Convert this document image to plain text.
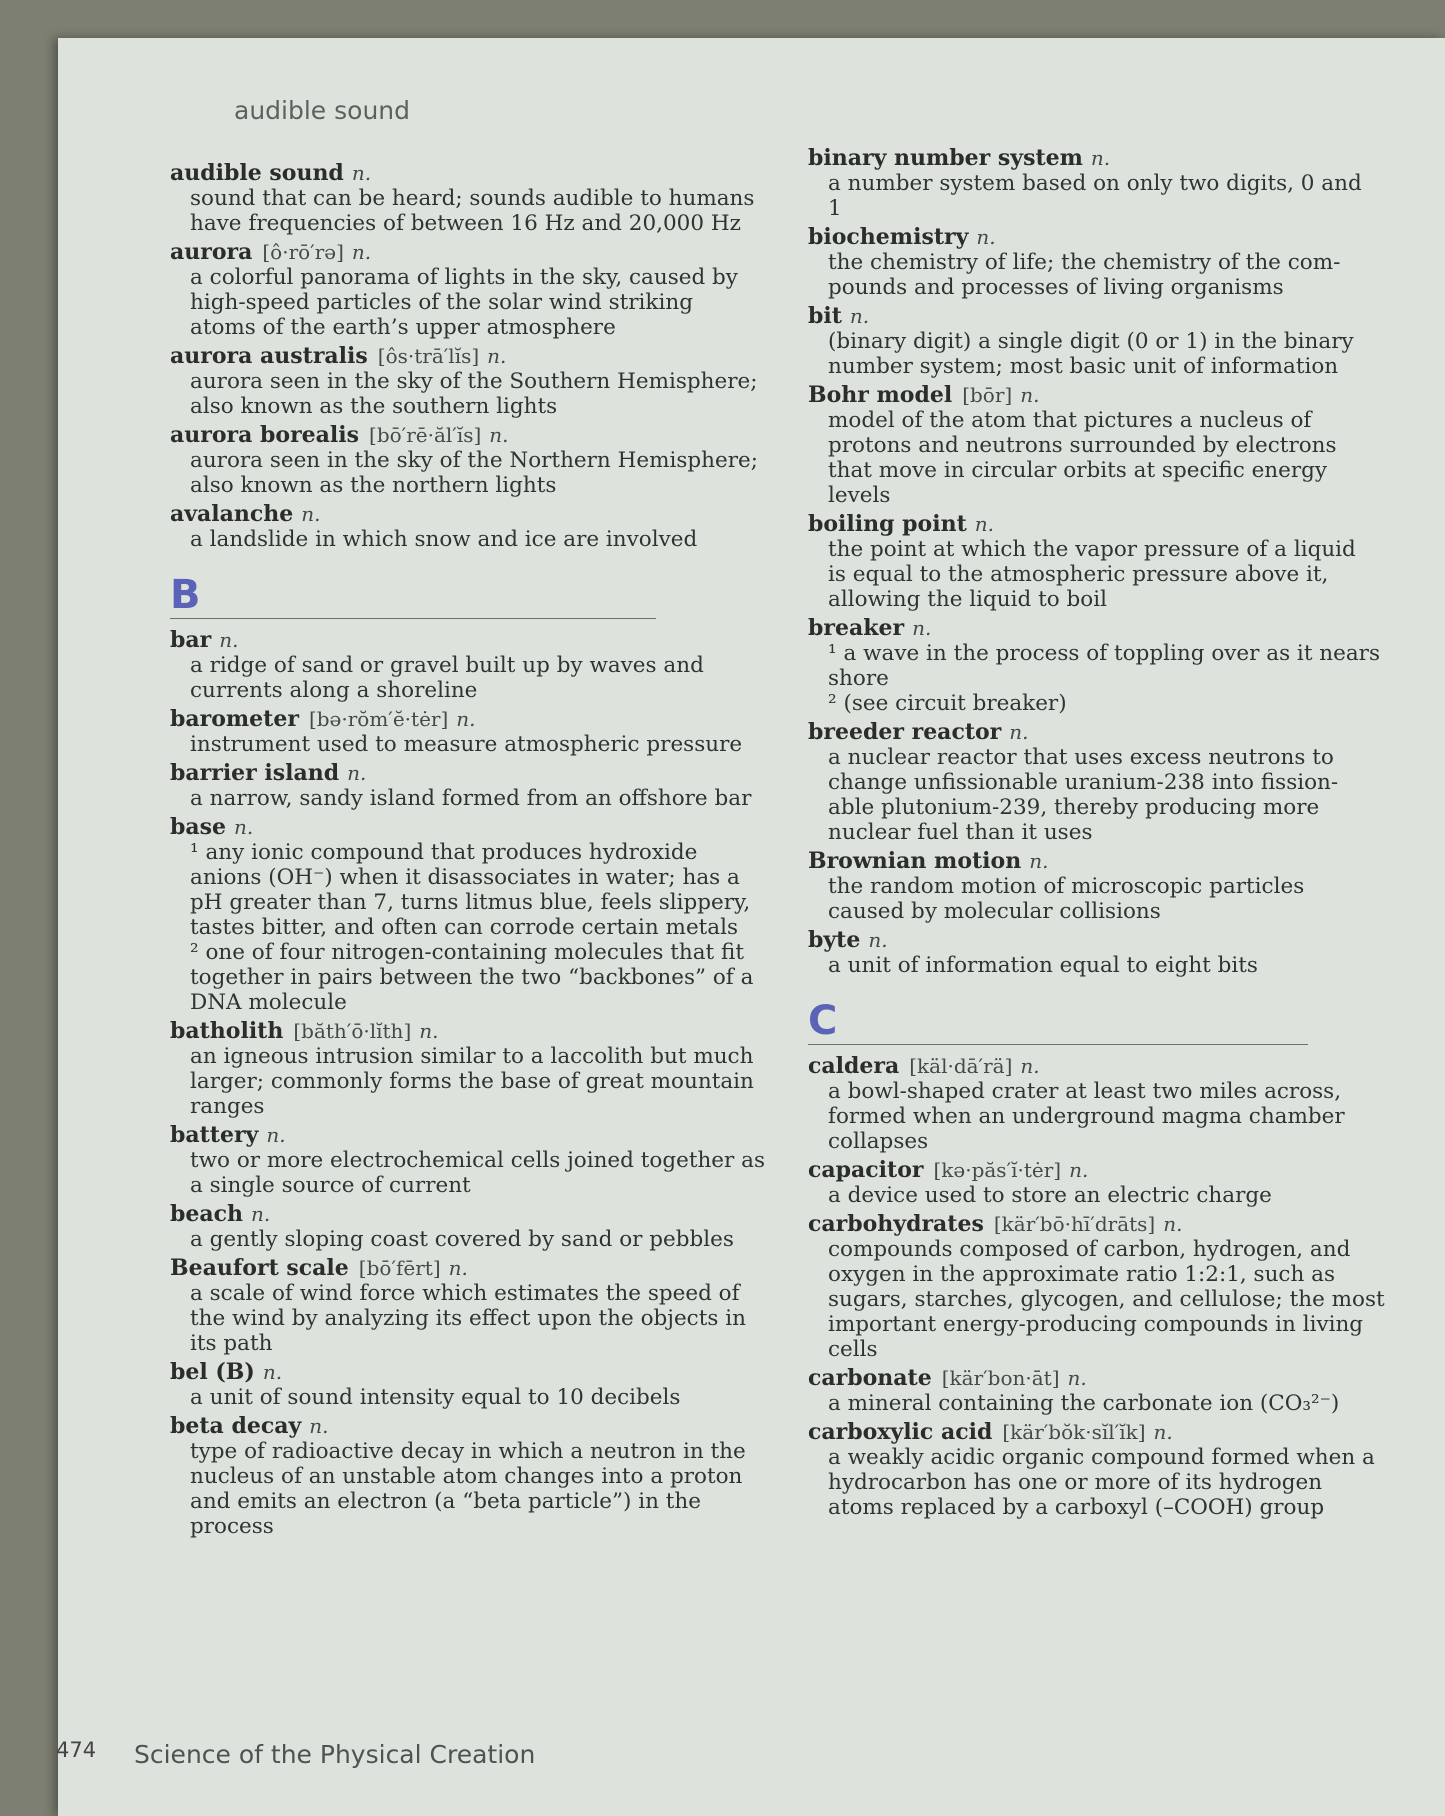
audible sound
audible sound n.
sound that can be heard; sounds audible to humans
have frequencies of between 16 Hz and 20,000 Hz
aurora [ô·rō′rə] n.
a colorful panorama of lights in the sky, caused by
high-speed particles of the solar wind striking
atoms of the earth’s upper atmosphere
aurora australis [ôs·trā′lĭs] n.
aurora seen in the sky of the Southern Hemisphere;
also known as the southern lights
aurora borealis [bō′rē·ăl′ĭs] n.
aurora seen in the sky of the Northern Hemisphere;
also known as the northern lights
avalanche n.
a landslide in which snow and ice are involved
B
bar n.
a ridge of sand or gravel built up by waves and
currents along a shoreline
barometer [bə·rŏm′ĕ·tėr] n.
instrument used to measure atmospheric pressure
barrier island n.
a narrow, sandy island formed from an offshore bar
base n.
¹ any ionic compound that produces hydroxide
anions (OH⁻) when it disassociates in water; has a
pH greater than 7, turns litmus blue, feels slippery,
tastes bitter, and often can corrode certain metals
² one of four nitrogen-containing molecules that fit
together in pairs between the two “backbones” of a
DNA molecule
batholith [băth′ō·lĭth] n.
an igneous intrusion similar to a laccolith but much
larger; commonly forms the base of great mountain
ranges
battery n.
two or more electrochemical cells joined together as
a single source of current
beach n.
a gently sloping coast covered by sand or pebbles
Beaufort scale [bō′fērt] n.
a scale of wind force which estimates the speed of
the wind by analyzing its effect upon the objects in
its path
bel (B) n.
a unit of sound intensity equal to 10 decibels
beta decay n.
type of radioactive decay in which a neutron in the
nucleus of an unstable atom changes into a proton
and emits an electron (a “beta particle”) in the
process
binary number system n.
a number system based on only two digits, 0 and
1
biochemistry n.
the chemistry of life; the chemistry of the com-
pounds and processes of living organisms
bit n.
(binary digit) a single digit (0 or 1) in the binary
number system; most basic unit of information
Bohr model [bōr] n.
model of the atom that pictures a nucleus of
protons and neutrons surrounded by electrons
that move in circular orbits at specific energy
levels
boiling point n.
the point at which the vapor pressure of a liquid
is equal to the atmospheric pressure above it,
allowing the liquid to boil
breaker n.
¹ a wave in the process of toppling over as it nears
shore
² (see circuit breaker)
breeder reactor n.
a nuclear reactor that uses excess neutrons to
change unfissionable uranium-238 into fission-
able plutonium-239, thereby producing more
nuclear fuel than it uses
Brownian motion n.
the random motion of microscopic particles
caused by molecular collisions
byte n.
a unit of information equal to eight bits
C
caldera [käl·dā′rä] n.
a bowl-shaped crater at least two miles across,
formed when an underground magma chamber
collapses
capacitor [kə·păs′ĭ·tėr] n.
a device used to store an electric charge
carbohydrates [kär′bō·hī′drāts] n.
compounds composed of carbon, hydrogen, and
oxygen in the approximate ratio 1:2:1, such as
sugars, starches, glycogen, and cellulose; the most
important energy-producing compounds in living
cells
carbonate [kär′bon·āt] n.
a mineral containing the carbonate ion (CO₃²⁻)
carboxylic acid [kär′bŏk·sĭl′ĭk] n.
a weakly acidic organic compound formed when a
hydrocarbon has one or more of its hydrogen
atoms replaced by a carboxyl (–COOH) group
474 Science of the Physical Creation
